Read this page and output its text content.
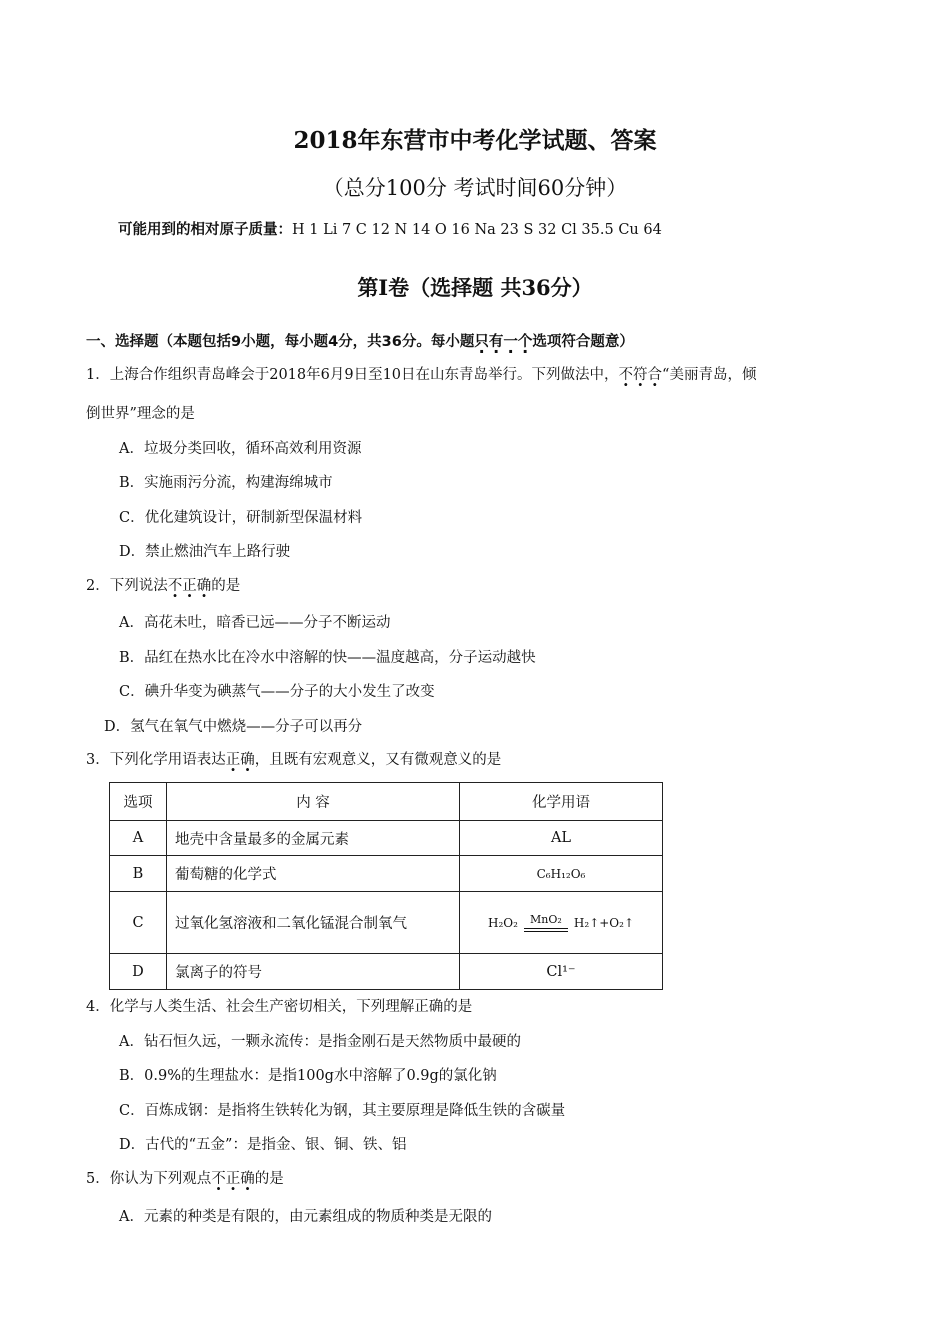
2018年东营市中考化学试题、答案
（总分100分 考试时间60分钟）
可能用到的相对原子质量：H 1 Li 7 C 12 N 14 O 16 Na 23 S 32 Cl 35.5 Cu 64
第I卷（选择题 共36分）
一、选择题（本题包括9小题，每小题4分，共36分。每小题只有一个选项符合题意）
1．上海合作组织青岛峰会于2018年6月9日至10日在山东青岛举行。下列做法中，不符合“美丽青岛，倾
倒世界”理念的是
A．垃圾分类回收，循环高效利用资源
B．实施雨污分流，构建海绵城市
C．优化建筑设计，研制新型保温材料
D．禁止燃油汽车上路行驶
2．下列说法不正确的是
A．高花未吐，暗香已远——分子不断运动
B．品红在热水比在冷水中溶解的快——温度越高，分子运动越快
C．碘升华变为碘蒸气——分子的大小发生了改变
D．氢气在氧气中燃烧——分子可以再分
3．下列化学用语表达正确，且既有宏观意义，又有微观意义的是
选项	内 容	化学用语
A	地壳中含量最多的金属元素	AL
B	葡萄糖的化学式	C₆H₁₂O₆
C	过氧化氢溶液和二氧化锰混合制氧气	H₂O₂ MnO₂ H₂↑+O₂↑

D	氯离子的符号	Cl¹⁻
4．化学与人类生活、社会生产密切相关，下列理解正确的是
A．钻石恒久远，一颗永流传：是指金刚石是天然物质中最硬的
B．0.9%的生理盐水：是指100g水中溶解了0.9g的氯化钠
C．百炼成钢：是指将生铁转化为钢，其主要原理是降低生铁的含碳量
D．古代的“五金”：是指金、银、铜、铁、铝
5．你认为下列观点不正确的是
A．元素的种类是有限的，由元素组成的物质种类是无限的
